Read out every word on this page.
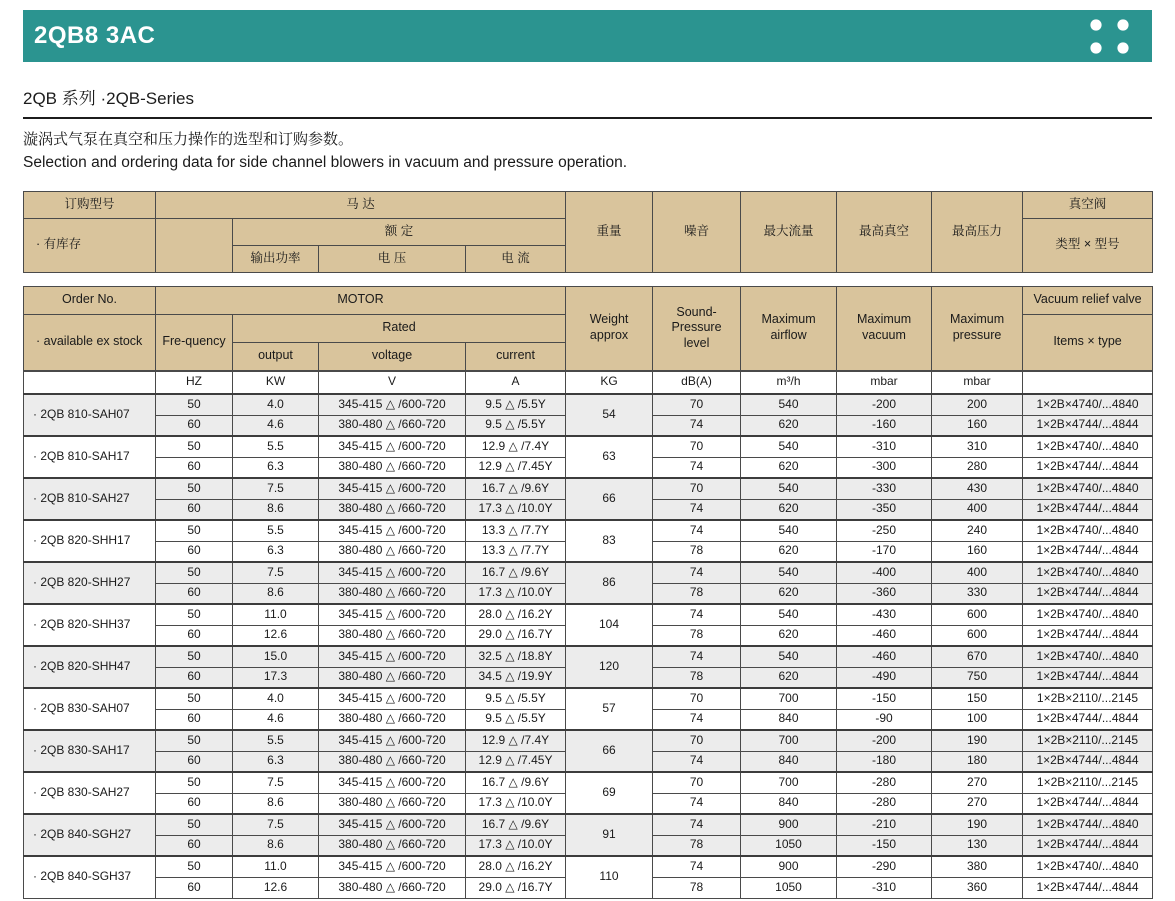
2QB8 3AC
2QB 系列 ·2QB-Series
漩涡式气泵在真空和压力操作的选型和订购参数。
Selection and ordering data for side channel blowers in vacuum and pressure operation.
订购型号	马 达				重量	噪音	最大流量	最高真空	最高压力	真空阀
· 有库存		额 定								类型 × 型号
		输出功率	电 压	电 流						
Order No.	MOTOR				Weight approx	Sound- Pressure level	Maximum airflow	Maximum vacuum	Maximum pressure	Vacuum relief valve
· available ex stock	Fre-quency	Rated								Items × type
		output	voltage	current						
	HZ	KW	V	A	KG	dB(A)	m³/h	mbar	mbar	
· 2QB 810-SAH07	50	4.0	345-415 △ /600-720	9.5 △ /5.5Y	54	70	540	-200	200	1×2B×4740/...4840
	60	4.6	380-480 △ /660-720	9.5 △ /5.5Y		74	620	-160	160	1×2B×4744/...4844
· 2QB 810-SAH17	50	5.5	345-415 △ /600-720	12.9 △ /7.4Y	63	70	540	-310	310	1×2B×4740/...4840
	60	6.3	380-480 △ /660-720	12.9 △ /7.45Y		74	620	-300	280	1×2B×4744/...4844
· 2QB 810-SAH27	50	7.5	345-415 △ /600-720	16.7 △ /9.6Y	66	70	540	-330	430	1×2B×4740/...4840
	60	8.6	380-480 △ /660-720	17.3 △ /10.0Y		74	620	-350	400	1×2B×4744/...4844
· 2QB 820-SHH17	50	5.5	345-415 △ /600-720	13.3 △ /7.7Y	83	74	540	-250	240	1×2B×4740/...4840
	60	6.3	380-480 △ /660-720	13.3 △ /7.7Y		78	620	-170	160	1×2B×4744/...4844
· 2QB 820-SHH27	50	7.5	345-415 △ /600-720	16.7 △ /9.6Y	86	74	540	-400	400	1×2B×4740/...4840
	60	8.6	380-480 △ /660-720	17.3 △ /10.0Y		78	620	-360	330	1×2B×4744/...4844
· 2QB 820-SHH37	50	11.0	345-415 △ /600-720	28.0 △ /16.2Y	104	74	540	-430	600	1×2B×4740/...4840
	60	12.6	380-480 △ /660-720	29.0 △ /16.7Y		78	620	-460	600	1×2B×4744/...4844
· 2QB 820-SHH47	50	15.0	345-415 △ /600-720	32.5 △ /18.8Y	120	74	540	-460	670	1×2B×4740/...4840
	60	17.3	380-480 △ /660-720	34.5 △ /19.9Y		78	620	-490	750	1×2B×4744/...4844
· 2QB 830-SAH07	50	4.0	345-415 △ /600-720	9.5 △ /5.5Y	57	70	700	-150	150	1×2B×2110/...2145
	60	4.6	380-480 △ /660-720	9.5 △ /5.5Y		74	840	-90	100	1×2B×4744/...4844
· 2QB 830-SAH17	50	5.5	345-415 △ /600-720	12.9 △ /7.4Y	66	70	700	-200	190	1×2B×2110/...2145
	60	6.3	380-480 △ /660-720	12.9 △ /7.45Y		74	840	-180	180	1×2B×4744/...4844
· 2QB 830-SAH27	50	7.5	345-415 △ /600-720	16.7 △ /9.6Y	69	70	700	-280	270	1×2B×2110/...2145
	60	8.6	380-480 △ /660-720	17.3 △ /10.0Y		74	840	-280	270	1×2B×4744/...4844
· 2QB 840-SGH27	50	7.5	345-415 △ /600-720	16.7 △ /9.6Y	91	74	900	-210	190	1×2B×4744/...4840
	60	8.6	380-480 △ /660-720	17.3 △ /10.0Y		78	1050	-150	130	1×2B×4744/...4844
· 2QB 840-SGH37	50	11.0	345-415 △ /600-720	28.0 △ /16.2Y	110	74	900	-290	380	1×2B×4740/...4840
	60	12.6	380-480 △ /660-720	29.0 △ /16.7Y		78	1050	-310	360	1×2B×4744/...4844
